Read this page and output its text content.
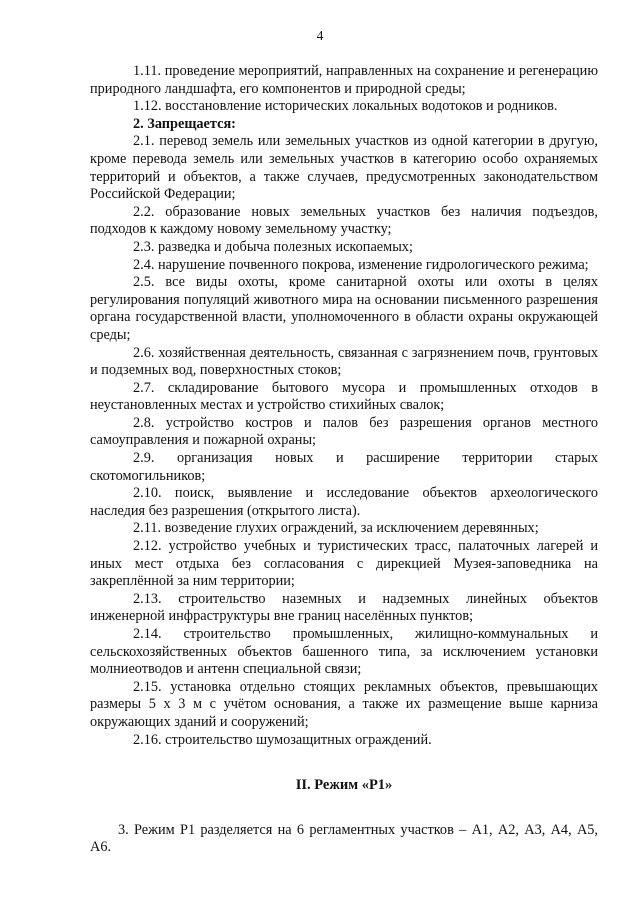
4

1.11. проведение мероприятий, направленных на сохранение и регенерацию природного ландшафта, его компонентов и природной среды;

1.12. восстановление исторических локальных водотоков и родников.

2. Запрещается:

2.1. перевод земель или земельных участков из одной категории в другую, кроме перевода земель или земельных участков в категорию особо охраняемых территорий и объектов, а также случаев, предусмотренных законодательством Российской Федерации;

2.2. образование новых земельных участков без наличия подъездов, подходов к каждому новому земельному участку;

2.3. разведка и добыча полезных ископаемых;

2.4. нарушение почвенного покрова, изменение гидрологического режима;

2.5. все виды охоты, кроме санитарной охоты или охоты в целях регулирования популяций животного мира на основании письменного разрешения органа государственной власти, уполномоченного в области охраны окружающей среды;

2.6. хозяйственная деятельность, связанная с загрязнением почв, грунтовых и подземных вод, поверхностных стоков;

2.7. складирование бытового мусора и промышленных отходов в неустановленных местах и устройство стихийных свалок;

2.8. устройство костров и палов без разрешения органов местного самоуправления и пожарной охраны;

2.9. организация новых и расширение территории старых скотомогильников;

2.10. поиск, выявление и исследование объектов археологического наследия без разрешения (открытого листа).

2.11. возведение глухих ограждений, за исключением деревянных;

2.12. устройство учебных и туристических трасс, палаточных лагерей и иных мест отдыха без согласования с дирекцией Музея-заповедника на закреплённой за ним территории;

2.13. строительство наземных и надземных линейных объектов инженерной инфраструктуры вне границ населённых пунктов;

2.14. строительство промышленных, жилищно-коммунальных и сельскохозяйственных объектов башенного типа, за исключением установки молниеотводов и антенн специальной связи;

2.15. установка отдельно стоящих рекламных объектов, превышающих размеры 5 х 3 м с учётом основания, а также их размещение выше карниза окружающих зданий и сооружений;

2.16. строительство шумозащитных ограждений.

II. Режим «Р1»

3. Режим Р1 разделяется на 6 регламентных участков – А1, А2, А3, А4, А5, А6.
